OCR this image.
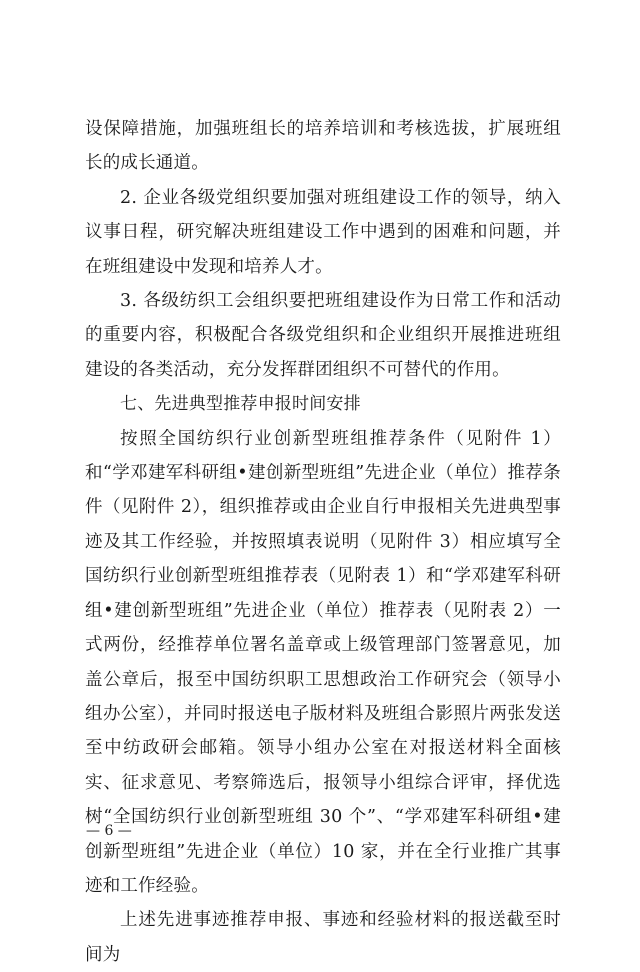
设保障措施，加强班组长的培养培训和考核选拔，扩展班组长的成长通道。

2. 企业各级党组织要加强对班组建设工作的领导，纳入议事日程，研究解决班组建设工作中遇到的困难和问题，并在班组建设中发现和培养人才。

3. 各级纺织工会组织要把班组建设作为日常工作和活动的重要内容，积极配合各级党组织和企业组织开展推进班组建设的各类活动，充分发挥群团组织不可替代的作用。

七、先进典型推荐申报时间安排

按照全国纺织行业创新型班组推荐条件（见附件 1）和“学邓建军科研组•建创新型班组”先进企业（单位）推荐条件（见附件 2），组织推荐或由企业自行申报相关先进典型事迹及其工作经验，并按照填表说明（见附件 3）相应填写全国纺织行业创新型班组推荐表（见附表 1）和“学邓建军科研组•建创新型班组”先进企业（单位）推荐表（见附表 2）一式两份，经推荐单位署名盖章或上级管理部门签署意见，加盖公章后，报至中国纺织职工思想政治工作研究会（领导小组办公室），并同时报送电子版材料及班组合影照片两张发送至中纺政研会邮箱。领导小组办公室在对报送材料全面核实、征求意见、考察筛选后，报领导小组综合评审，择优选树“全国纺织行业创新型班组 30 个”、“学邓建军科研组•建创新型班组”先进企业（单位）10 家，并在全行业推广其事迹和工作经验。

上述先进事迹推荐申报、事迹和经验材料的报送截至时间为

— 6 —
